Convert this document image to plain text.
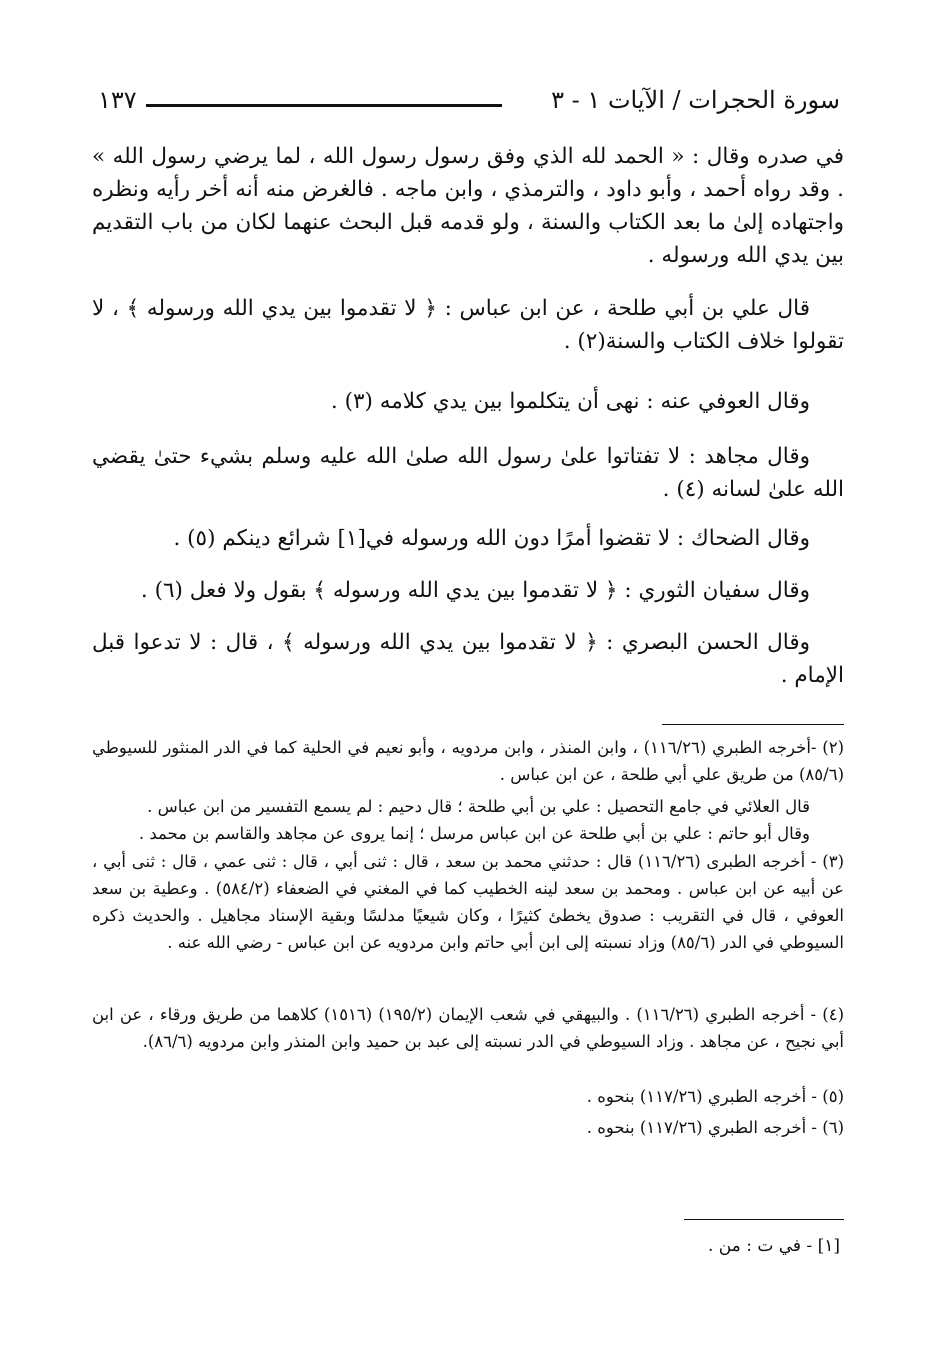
سورة الحجرات / الآيات ١ - ٣
١٣٧
في صدره وقال : « الحمد لله الذي وفق رسول رسول الله ، لما يرضي رسول الله » . وقد رواه أحمد ، وأبو داود ، والترمذي ، وابن ماجه . فالغرض منه أنه أخر رأيه ونظره واجتهاده إلىٰ ما بعد الكتاب والسنة ، ولو قدمه قبل البحث عنهما لكان من باب التقديم بين يدي الله ورسوله .
قال علي بن أبي طلحة ، عن ابن عباس : ﴿ لا تقدموا بين يدي الله ورسوله ﴾ ، لا تقولوا خلاف الكتاب والسنة(٢) .
وقال العوفي عنه : نهى أن يتكلموا بين يدي كلامه (٣) .
وقال مجاهد : لا تفتاتوا علىٰ رسول الله صلىٰ الله عليه وسلم بشيء حتىٰ يقضي الله علىٰ لسانه (٤) .
وقال الضحاك : لا تقضوا أمرًا دون الله ورسوله في[١] شرائع دينكم (٥) .
وقال سفيان الثوري : ﴿ لا تقدموا بين يدي الله ورسوله ﴾ بقول ولا فعل (٦) .
وقال الحسن البصري : ﴿ لا تقدموا بين يدي الله ورسوله ﴾ ، قال : لا تدعوا قبل الإمام .
(٢) -أخرجه الطبري (١١٦/٢٦) ، وابن المنذر ، وابن مردويه ، وأبو نعيم في الحلية كما في الدر المنثور للسيوطي (٨٥/٦) من طريق علي أبي طلحة ، عن ابن عباس .
قال العلائي في جامع التحصيل : علي بن أبي طلحة ؛ قال دحيم : لم يسمع التفسير من ابن عباس .
وقال أبو حاتم : علي بن أبي طلحة عن ابن عباس مرسل ؛ إنما يروى عن مجاهد والقاسم بن محمد .
(٣) - أخرجه الطبرى (١١٦/٢٦) قال : حدثني محمد بن سعد ، قال : ثنى أبي ، قال : ثنى عمي ، قال : ثنى أبي ، عن أبيه عن ابن عباس . ومحمد بن سعد لينه الخطيب كما في المغني في الضعفاء (٥٨٤/٢) . وعطية بن سعد العوفي ، قال في التقريب : صدوق يخطئ كثيرًا ، وكان شيعيًا مدلسًا وبقية الإسناد مجاهيل . والحديث ذكره السيوطي في الدر (٨٥/٦) وزاد نسبته إلى ابن أبي حاتم وابن مردويه عن ابن عباس - رضي الله عنه .
(٤) - أخرجه الطبري (١١٦/٢٦) . والبيهقي في شعب الإيمان (١٩٥/٢) (١٥١٦) كلاهما من طريق ورقاء ، عن ابن أبي نجيح ، عن مجاهد . وزاد السيوطي في الدر نسبته إلى عبد بن حميد وابن المنذر وابن مردويه (٨٦/٦).
(٥) - أخرجه الطبري (١١٧/٢٦) بنحوه .
(٦) - أخرجه الطبري (١١٧/٢٦) بنحوه .
[١] - في ت : من .
